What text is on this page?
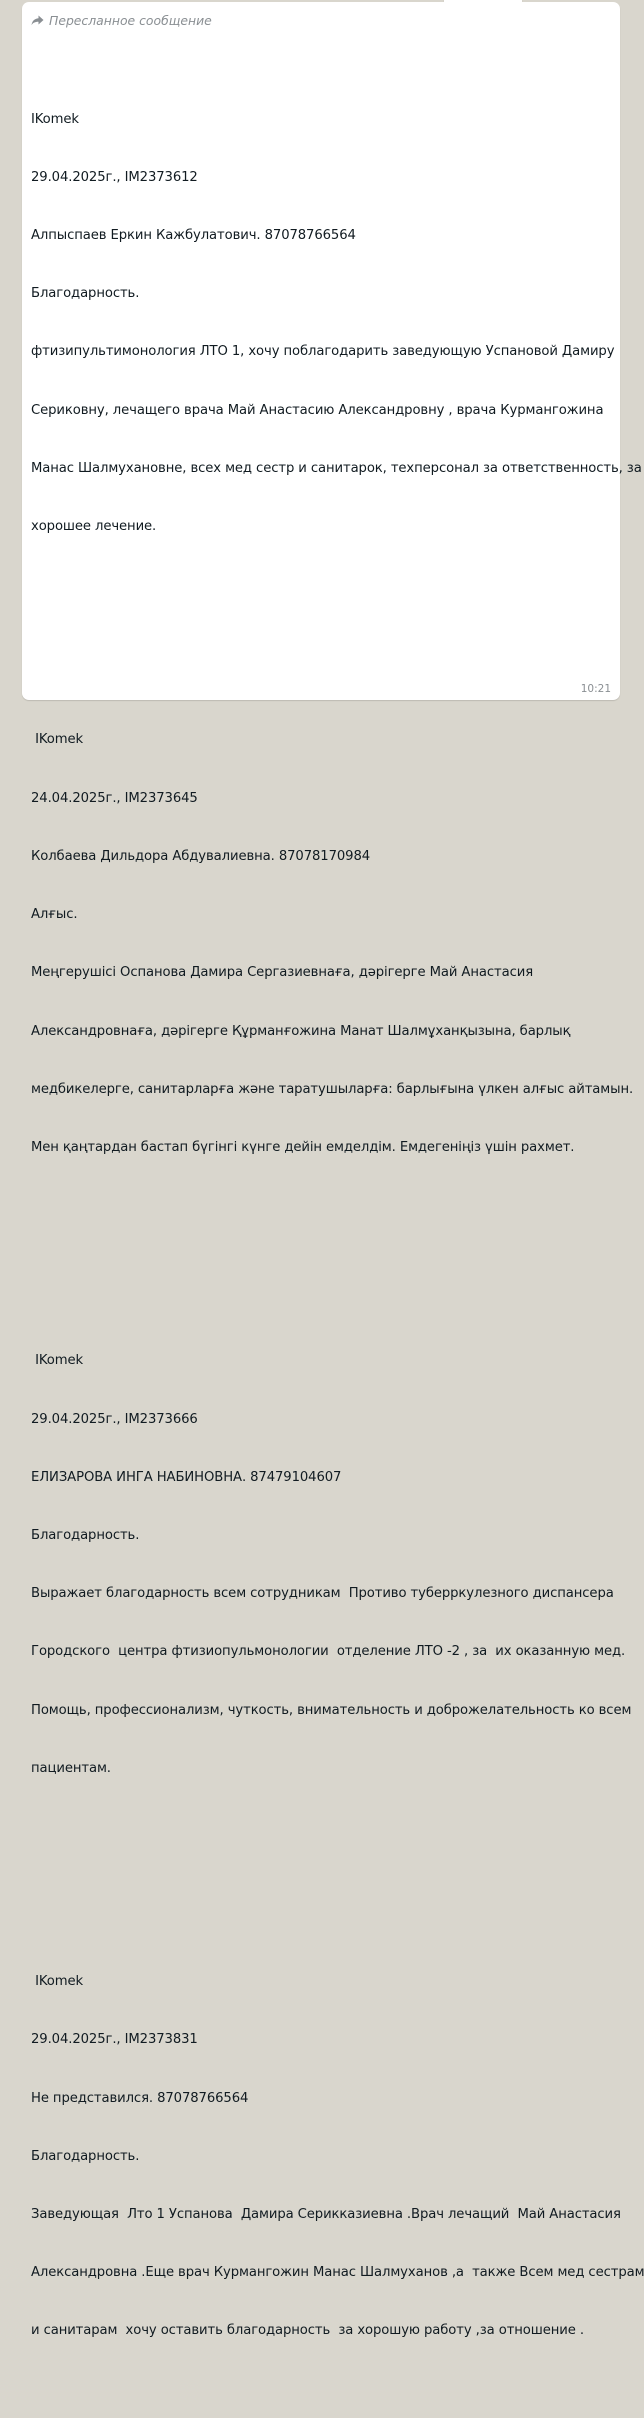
Пересланное сообщение

IKomek

29.04.2025г., IM2373612

Алпыспаев Еркин Кажбулатович. 87078766564

Благодарность.

фтизипультимонология ЛТО 1, хочу поблагодарить заведующую Успановой Дамиру

Сериковну, лечащего врача Май Анастасию Александровну , врача Курмангожина

Манас Шалмухановне, всех мед сестр и санитарок, техперсонал за ответственность, за

хорошее лечение.

IKomek

24.04.2025г., IM2373645

Колбаева Дильдора Абдувалиевна. 87078170984

Алғыс.

Меңгерушісі Оспанова Дамира Сергазиевнаға, дәрігерге Май Анастасия

Александровнаға, дәрігерге Құрманғожина Манат Шалмұханқызына, барлық

медбикелерге, санитарларға және таратушыларға: барлығына үлкен алғыс айтамын.

Мен қаңтардан бастап бүгінгі күнге дейін емделдім. Емдегеніңіз үшін рахмет.

IKomek

29.04.2025г., IM2373666

ЕЛИЗАРОВА ИНГА НАБИНОВНА. 87479104607

Благодарность.

Выражает благодарность всем сотрудникам  Противо туберркулезного диспансера

Городского  центра фтизиопульмонологии  отделение ЛТО -2 , за  их оказанную мед.

Помощь, профессионализм, чуткость, внимательность и доброжелательность ко всем

пациентам.

IKomek

29.04.2025г., IM2373831

Не представился. 87078766564

Благодарность.

Заведующая  Лто 1 Успанова  Дамира Серикказиевна .Врач лечащий  Май Анастасия

Александровна .Еще врач Курмангожин Манас Шалмуханов ,а  также Всем мед сестрам

и санитарам  хочу оставить благодарность  за хорошую работу ,за отношение .

10:21
